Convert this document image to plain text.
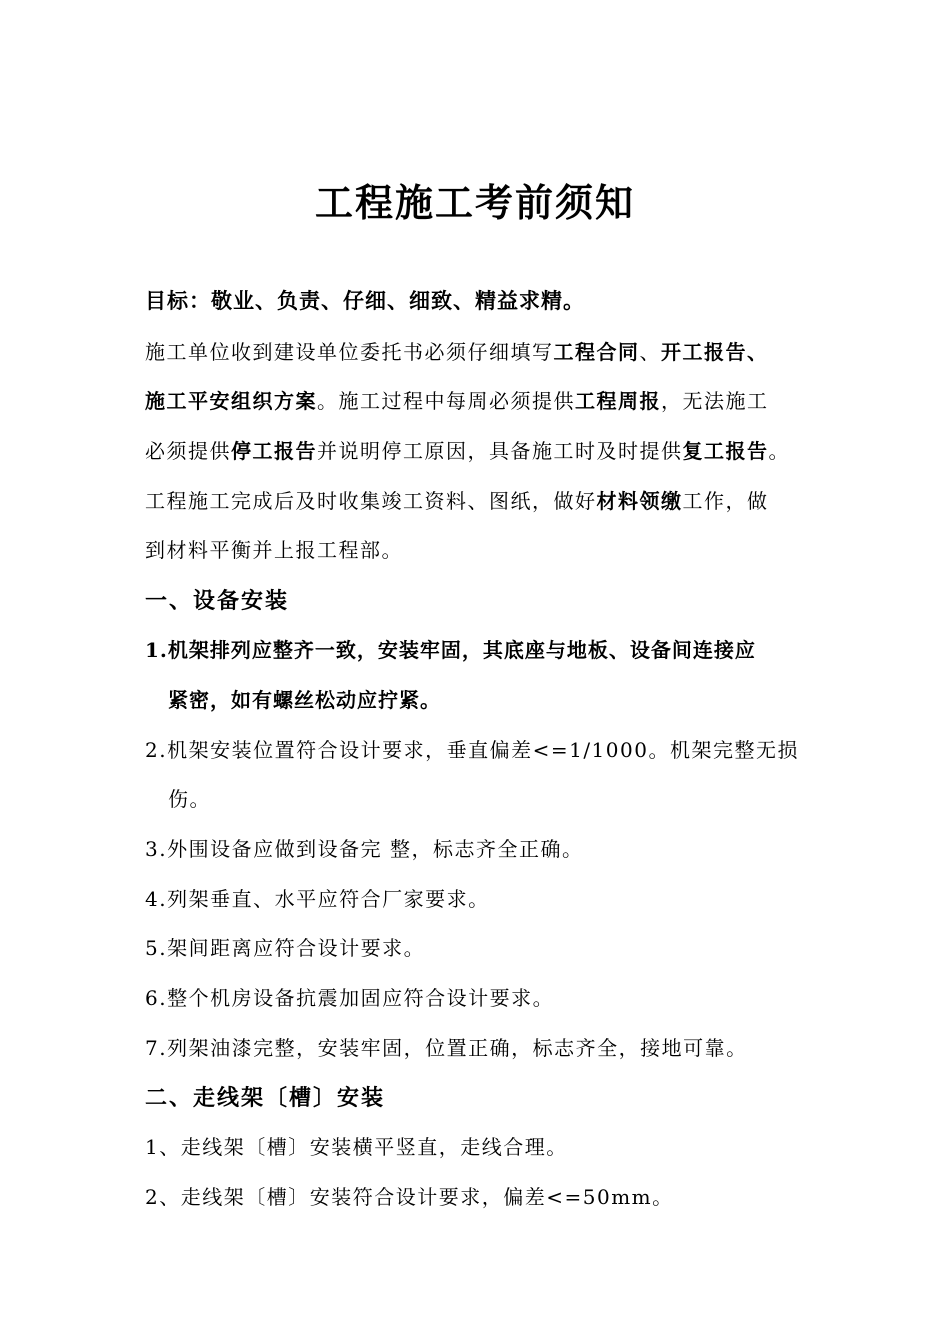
工程施工考前须知
目标：敬业、负责、仔细、细致、精益求精。
施工单位收到建设单位委托书必须仔细填写工程合同、开工报告、
施工平安组织方案。施工过程中每周必须提供工程周报，无法施工
必须提供停工报告并说明停工原因，具备施工时及时提供复工报告。
工程施工完成后及时收集竣工资料、图纸，做好材料领缴工作，做
到材料平衡并上报工程部。
一、设备安装
1.机架排列应整齐一致，安装牢固，其底座与地板、设备间连接应
紧密，如有螺丝松动应拧紧。
2.机架安装位置符合设计要求，垂直偏差<=1/1000。机架完整无损
伤。
3.外围设备应做到设备完 整，标志齐全正确。
4.列架垂直、水平应符合厂家要求。
5.架间距离应符合设计要求。
6.整个机房设备抗震加固应符合设计要求。
7.列架油漆完整，安装牢固，位置正确，标志齐全，接地可靠。
二、走线架〔槽〕安装
1、走线架〔槽〕安装横平竖直，走线合理。
2、走线架〔槽〕安装符合设计要求，偏差<=50mm。
